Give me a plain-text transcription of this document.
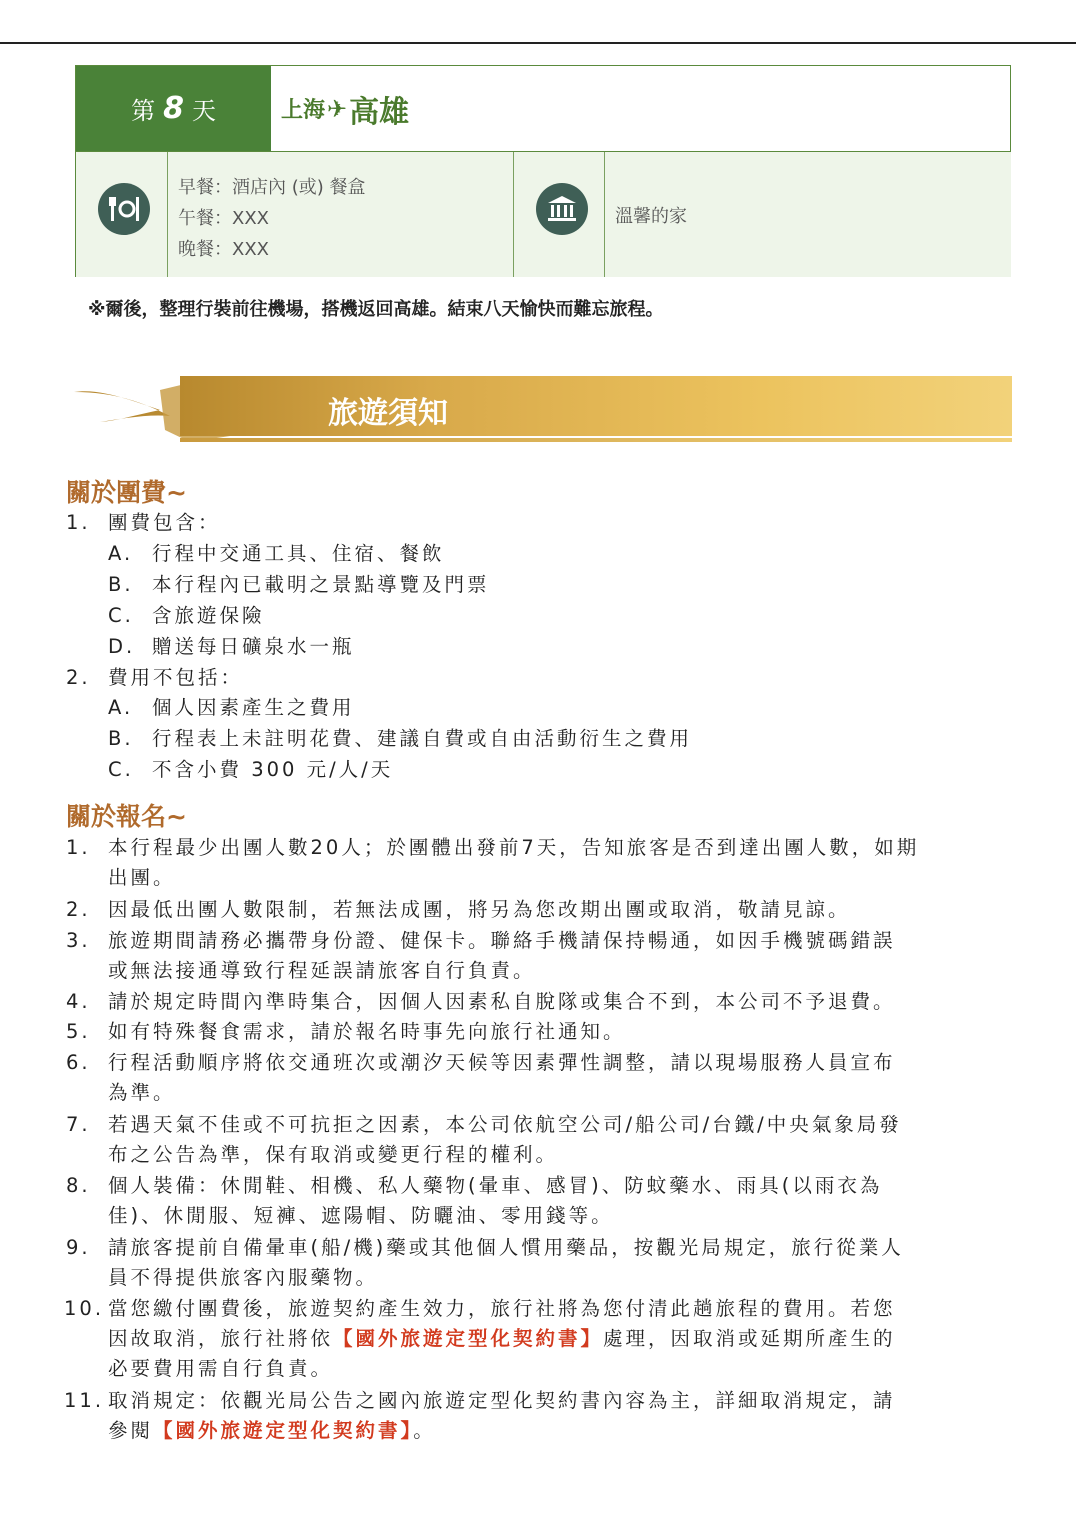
第 8 天	上海 ✈ 高雄
早餐：酒店內 (或) 餐盒
午餐：XXX
晚餐：XXX
溫馨的家
※爾後，整理行裝前往機場，搭機返回高雄。結束八天愉快而難忘旅程。
旅遊須知
關於團費~
1. 團費包含：
A. 行程中交通工具、住宿、餐飲
B. 本行程內已載明之景點導覽及門票
C. 含旅遊保險
D. 贈送每日礦泉水一瓶
2. 費用不包括：
A. 個人因素產生之費用
B. 行程表上未註明花費、建議自費或自由活動衍生之費用
C. 不含小費 300 元/人/天
關於報名~
1. 本行程最少出團人數20人；於團體出發前7天，告知旅客是否到達出團人數，如期
出團。
2. 因最低出團人數限制，若無法成團，將另為您改期出團或取消，敬請見諒。
3. 旅遊期間請務必攜帶身份證、健保卡。聯絡手機請保持暢通，如因手機號碼錯誤
或無法接通導致行程延誤請旅客自行負責。
4. 請於規定時間內準時集合，因個人因素私自脫隊或集合不到，本公司不予退費。
5. 如有特殊餐食需求，請於報名時事先向旅行社通知。
6. 行程活動順序將依交通班次或潮汐天候等因素彈性調整，請以現場服務人員宣布
為準。
7. 若遇天氣不佳或不可抗拒之因素，本公司依航空公司/船公司/台鐵/中央氣象局發
布之公告為準，保有取消或變更行程的權利。
8. 個人裝備：休閒鞋、相機、私人藥物(暈車、感冒)、防蚊藥水、雨具(以雨衣為
佳)、休閒服、短褲、遮陽帽、防曬油、零用錢等。
9. 請旅客提前自備暈車(船/機)藥或其他個人慣用藥品，按觀光局規定，旅行從業人
員不得提供旅客內服藥物。
10. 當您繳付團費後，旅遊契約產生效力，旅行社將為您付清此趟旅程的費用。若您
因故取消，旅行社將依【國外旅遊定型化契約書】處理，因取消或延期所產生的
必要費用需自行負責。
11. 取消規定：依觀光局公告之國內旅遊定型化契約書內容為主，詳細取消規定，請
參閱【國外旅遊定型化契約書】。
